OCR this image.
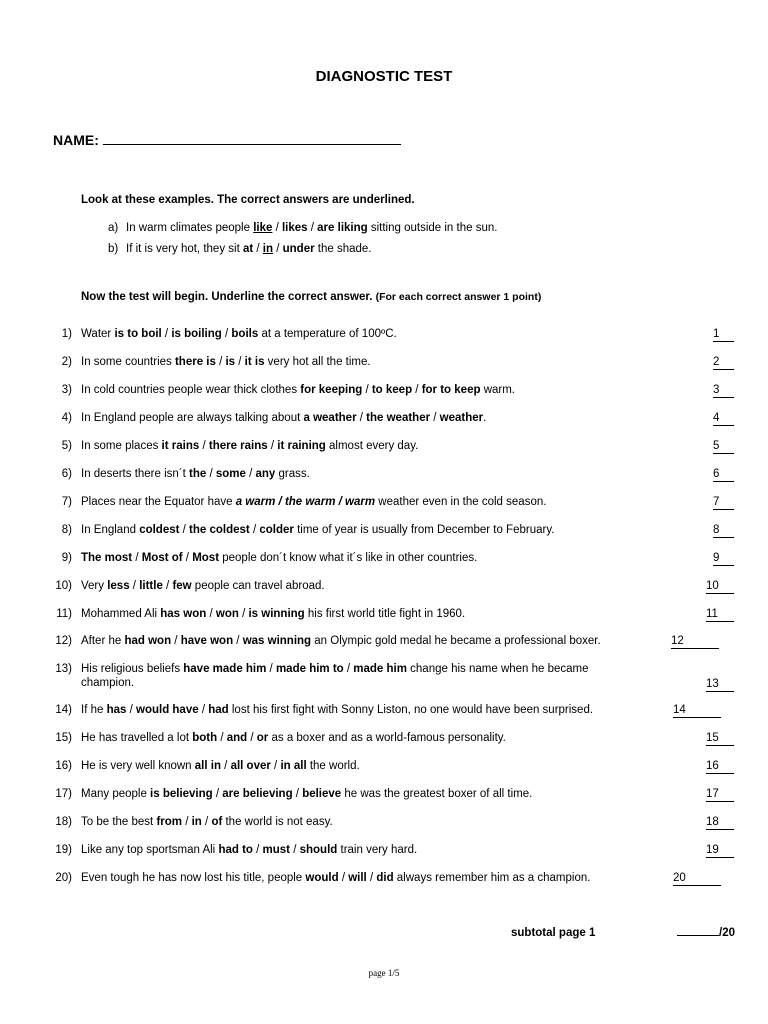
DIAGNOSTIC TEST
NAME:
Look at these examples. The correct answers are underlined.
a) In warm climates people like / likes / are liking sitting outside in the sun.
b) If it is very hot, they sit at / in / under the shade.
Now the test will begin. Underline the correct answer. (For each correct answer 1 point)
1) Water is to boil / is boiling / boils at a temperature of 100ºC.	1
2) In some countries there is / is / it is very hot all the time.	2
3) In cold countries people wear thick clothes for keeping / to keep / for to keep warm.	3
4) In England people are always talking about a weather / the weather / weather.	4
5) In some places it rains / there rains / it raining almost every day.	5
6) In deserts there isn´t the / some / any grass.	6
7) Places near the Equator have a warm / the warm / warm weather even in the cold season.	7
8) In England coldest / the coldest / colder time of year is usually from December to February.	8
9) The most / Most of / Most people don´t know what it´s like in other countries.	9
10) Very less / little / few people can travel abroad.	10
11) Mohammed Ali has won / won / is winning his first world title fight in 1960.	11
12) After he had won / have won / was winning an Olympic gold medal he became a professional boxer.	12
13) His religious beliefs have made him / made him to / made him change his name when he became
champion.	13
14) If he has / would have / had lost his first fight with Sonny Liston, no one would have been surprised.	14
15) He has travelled a lot both / and / or as a boxer and as a world-famous personality.	15
16) He is very well known all in / all over / in all the world.	16
17) Many people is believing / are believing / believe he was the greatest boxer of all time.	17
18) To be the best from / in / of the world is not easy.	18
19) Like any top sportsman Ali had to / must / should train very hard.	19
20) Even tough he has now lost his title, people would / will / did always remember him as a champion.	20
subtotal page 1	/20
page 1/5
